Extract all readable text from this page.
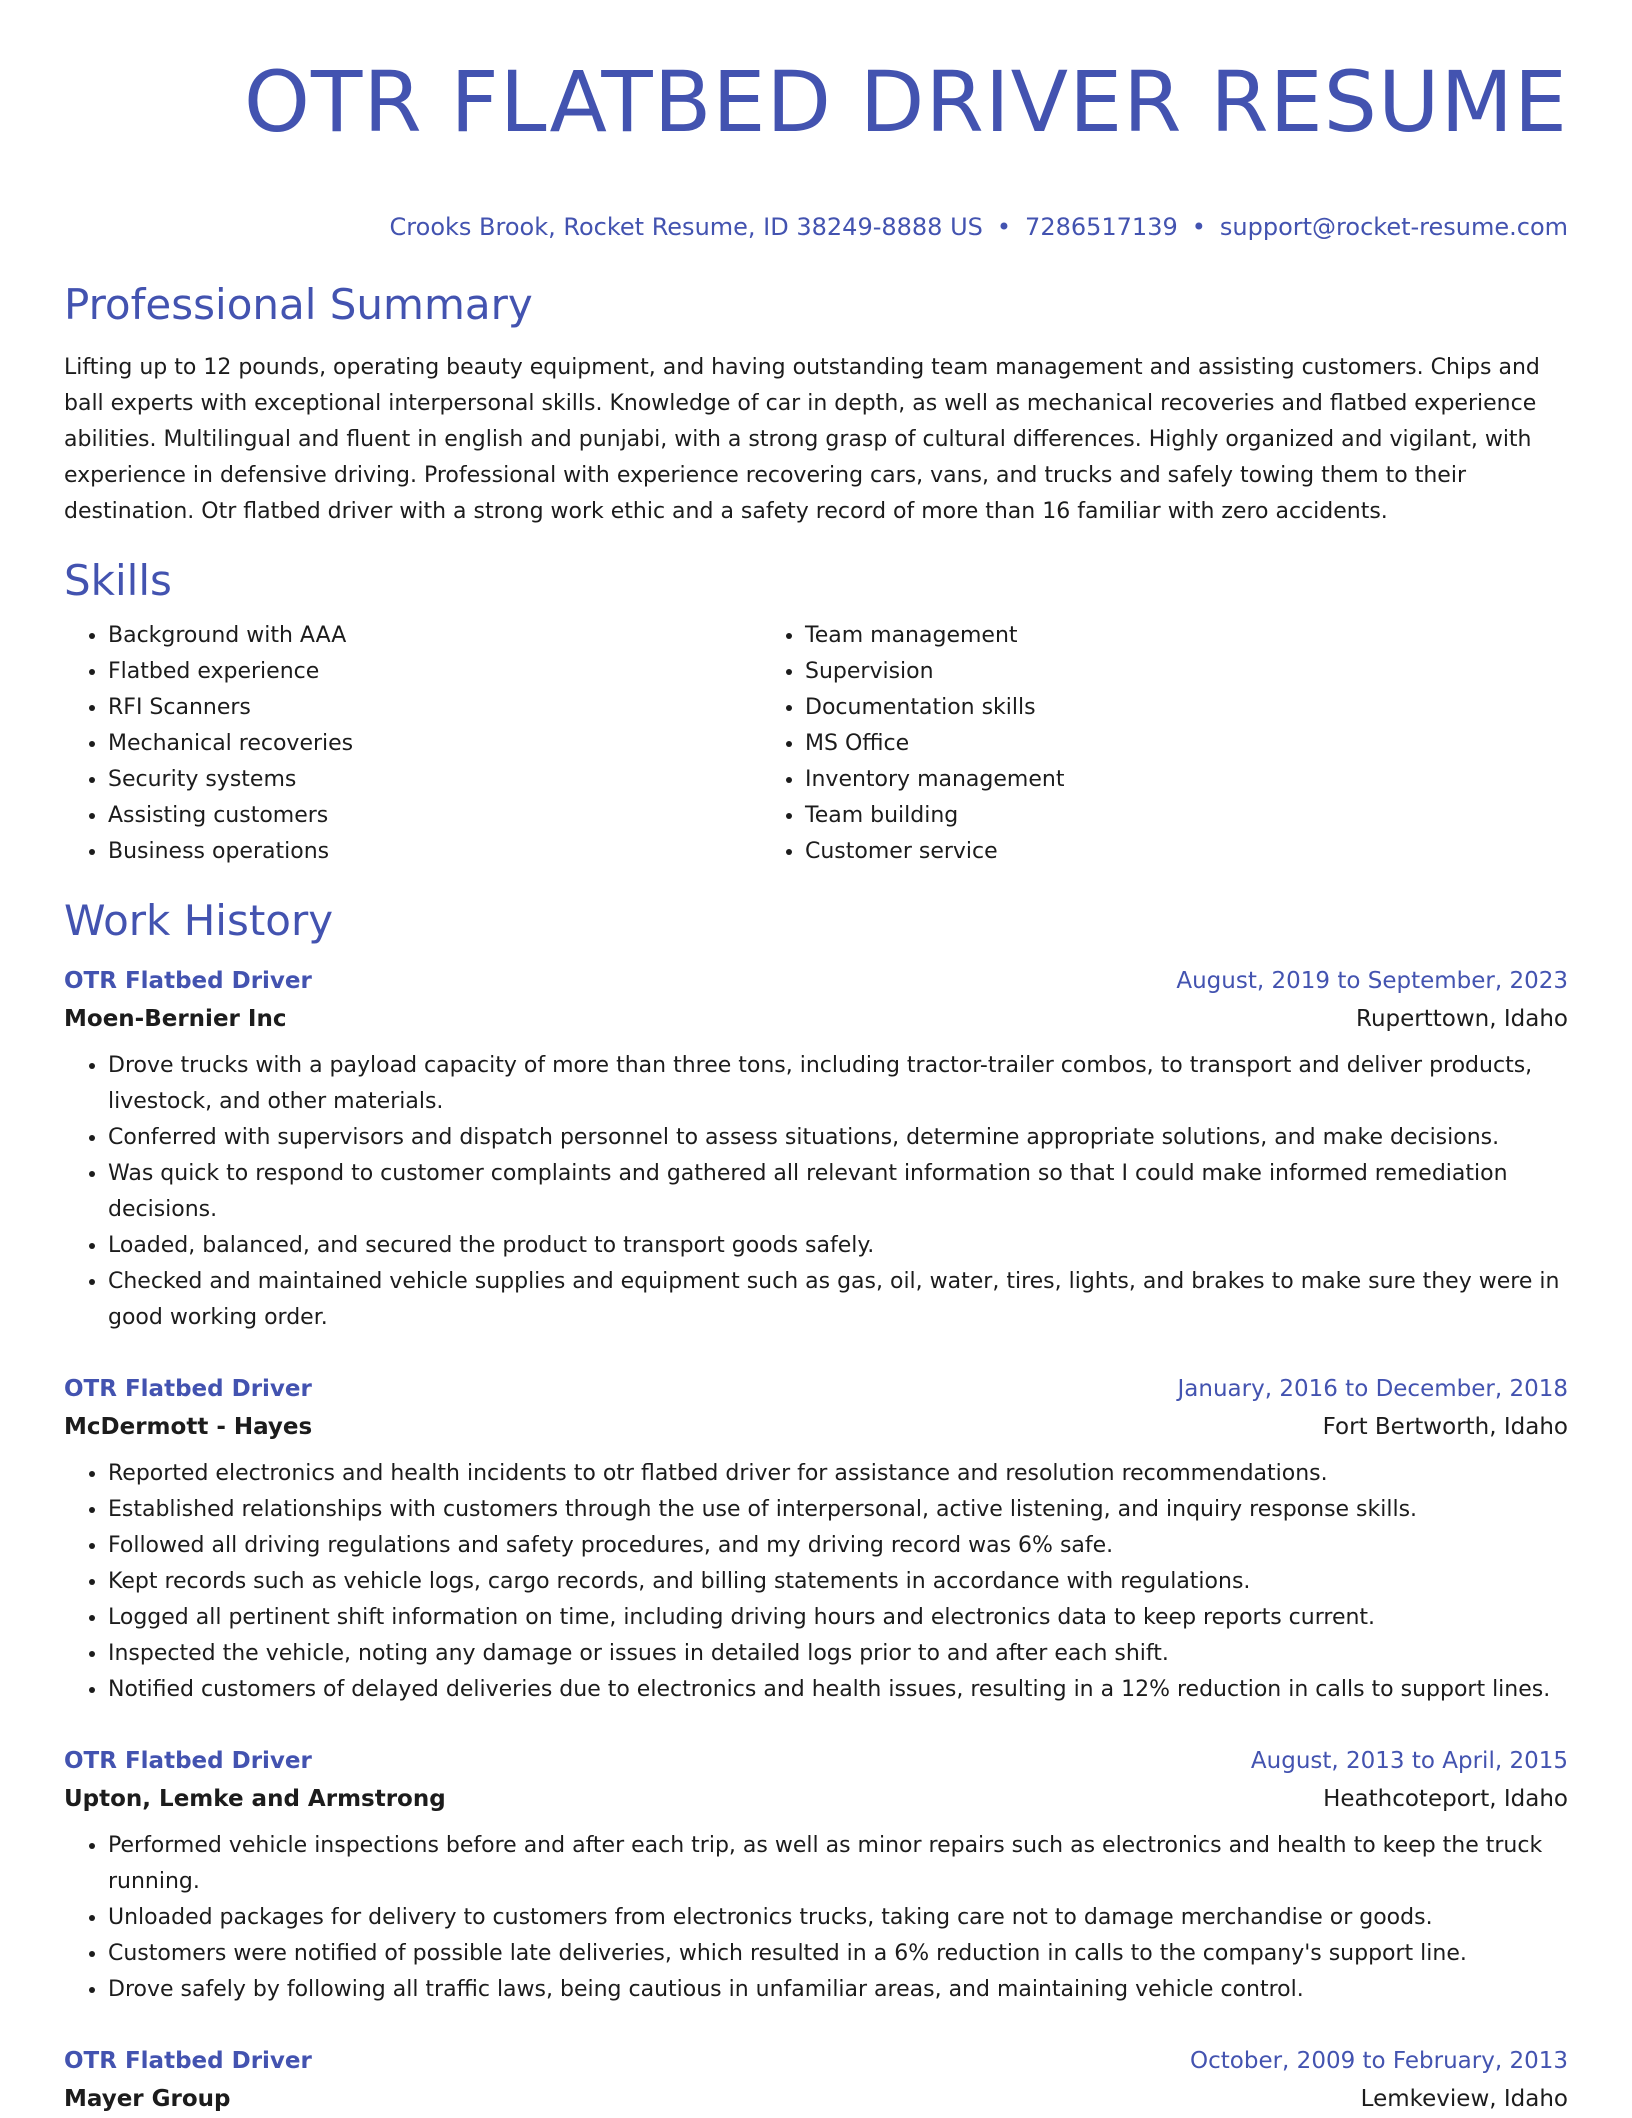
OTR FLATBED DRIVER RESUME
Crooks Brook, Rocket Resume, ID 38249-8888 US • 7286517139 • support@rocket-resume.com
Professional Summary

Lifting up to 12 pounds, operating beauty equipment, and having outstanding team management and assisting customers. Chips and ball experts with exceptional interpersonal skills. Knowledge of car in depth, as well as mechanical recoveries and flatbed experience abilities. Multilingual and fluent in english and punjabi, with a strong grasp of cultural differences. Highly organized and vigilant, with experience in defensive driving. Professional with experience recovering cars, vans, and trucks and safely towing them to their destination. Otr flatbed driver with a strong work ethic and a safety record of more than 16 familiar with zero accidents.

Skills
• Background with AAA
• Flatbed experience
• RFI Scanners
• Mechanical recoveries
• Security systems
• Assisting customers
• Business operations
• Team management
• Supervision
• Documentation skills
• MS Office
• Inventory management
• Team building
• Customer service
Work History
OTR Flatbed Driver	August, 2019 to September, 2023
Moen-Bernier Inc	Ruperttown, Idaho
• Drove trucks with a payload capacity of more than three tons, including tractor-trailer combos, to transport and deliver products, livestock, and other materials.
• Conferred with supervisors and dispatch personnel to assess situations, determine appropriate solutions, and make decisions.
• Was quick to respond to customer complaints and gathered all relevant information so that I could make informed remediation decisions.
• Loaded, balanced, and secured the product to transport goods safely.
• Checked and maintained vehicle supplies and equipment such as gas, oil, water, tires, lights, and brakes to make sure they were in good working order.
OTR Flatbed Driver	January, 2016 to December, 2018
McDermott - Hayes	Fort Bertworth, Idaho
• Reported electronics and health incidents to otr flatbed driver for assistance and resolution recommendations.
• Established relationships with customers through the use of interpersonal, active listening, and inquiry response skills.
• Followed all driving regulations and safety procedures, and my driving record was 6% safe.
• Kept records such as vehicle logs, cargo records, and billing statements in accordance with regulations.
• Logged all pertinent shift information on time, including driving hours and electronics data to keep reports current.
• Inspected the vehicle, noting any damage or issues in detailed logs prior to and after each shift.
• Notified customers of delayed deliveries due to electronics and health issues, resulting in a 12% reduction in calls to support lines.
OTR Flatbed Driver	August, 2013 to April, 2015
Upton, Lemke and Armstrong	Heathcoteport, Idaho
• Performed vehicle inspections before and after each trip, as well as minor repairs such as electronics and health to keep the truck running.
• Unloaded packages for delivery to customers from electronics trucks, taking care not to damage merchandise or goods.
• Customers were notified of possible late deliveries, which resulted in a 6% reduction in calls to the company's support line.
• Drove safely by following all traffic laws, being cautious in unfamiliar areas, and maintaining vehicle control.
OTR Flatbed Driver	October, 2009 to February, 2013
Mayer Group	Lemkeview, Idaho
